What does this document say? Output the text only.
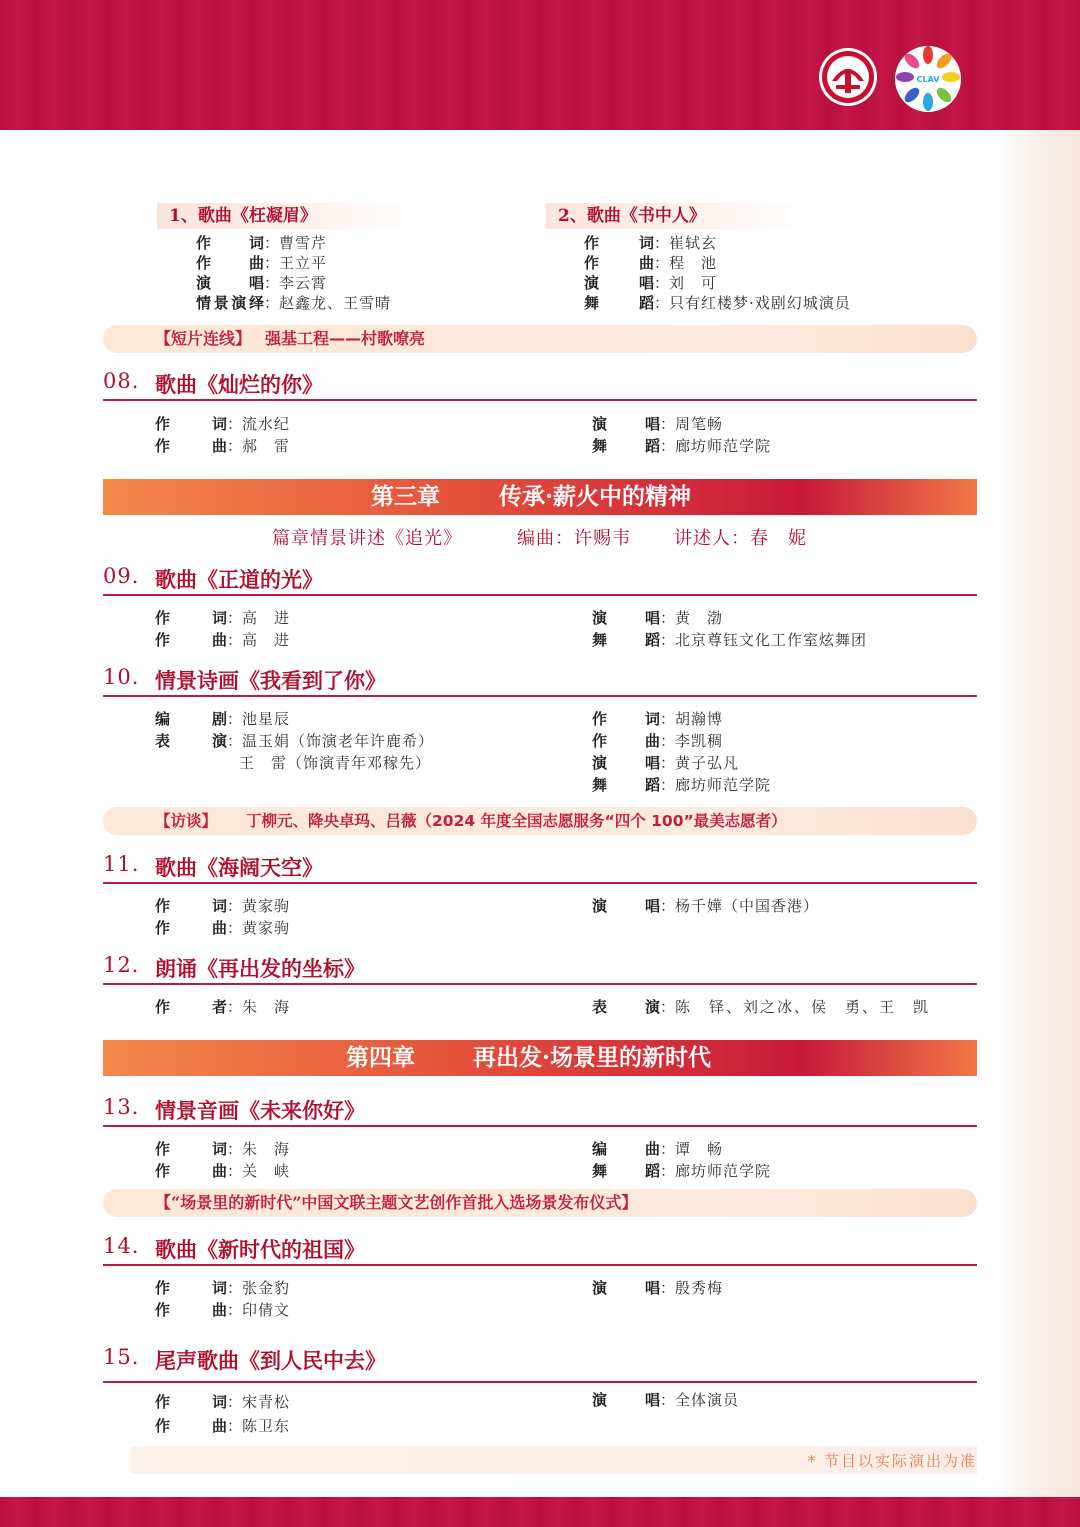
CLAV
1、歌曲《枉凝眉》
作词：曹雪芹
作曲：王立平
演唱：李云霄
情景演绎：赵鑫龙、王雪晴
2、歌曲《书中人》
作词：崔轼玄
作曲：程　池
演唱：刘　可
舞蹈：只有红楼梦·戏剧幻城演员
【短片连线】 强基工程——村歌嘹亮
08. 歌曲《灿烂的你》
作词：流水纪
作曲：郝　雷
演唱：周笔畅
舞蹈：廊坊师范学院
第三章	传承·薪火中的精神
篇章情景讲述《追光》	编曲：许赐韦 讲述人：春　妮
09. 歌曲《正道的光》
作词：高　进
作曲：高　进
演唱：黄　渤
舞蹈：北京尊钰文化工作室炫舞团
10. 情景诗画《我看到了你》
编剧：池星辰
表演：温玉娟（饰演老年许鹿希）
王　雷（饰演青年邓稼先）
作词：胡瀚博
作曲：李凯稠
演唱：黄子弘凡
舞蹈：廊坊师范学院
【访谈】 丁柳元、降央卓玛、吕薇（2024 年度全国志愿服务“四个 100”最美志愿者）
11. 歌曲《海阔天空》
作词：黄家驹
作曲：黄家驹
演唱：杨千嬅（中国香港）
12. 朗诵《再出发的坐标》
作者：朱　海	表演：陈　铎、刘之冰、侯　勇、王　凯
第四章	再出发·场景里的新时代
13. 情景音画《未来你好》
作词：朱　海
作曲：关　峡
编曲：谭　畅
舞蹈：廊坊师范学院
【“场景里的新时代”中国文联主题文艺创作首批入选场景发布仪式】
14. 歌曲《新时代的祖国》
作词：张金豹
作曲：印倩文
演唱：殷秀梅
15. 尾声歌曲《到人民中去》
作词：宋青松
作曲：陈卫东
演唱：全体演员
* 节目以实际演出为准
